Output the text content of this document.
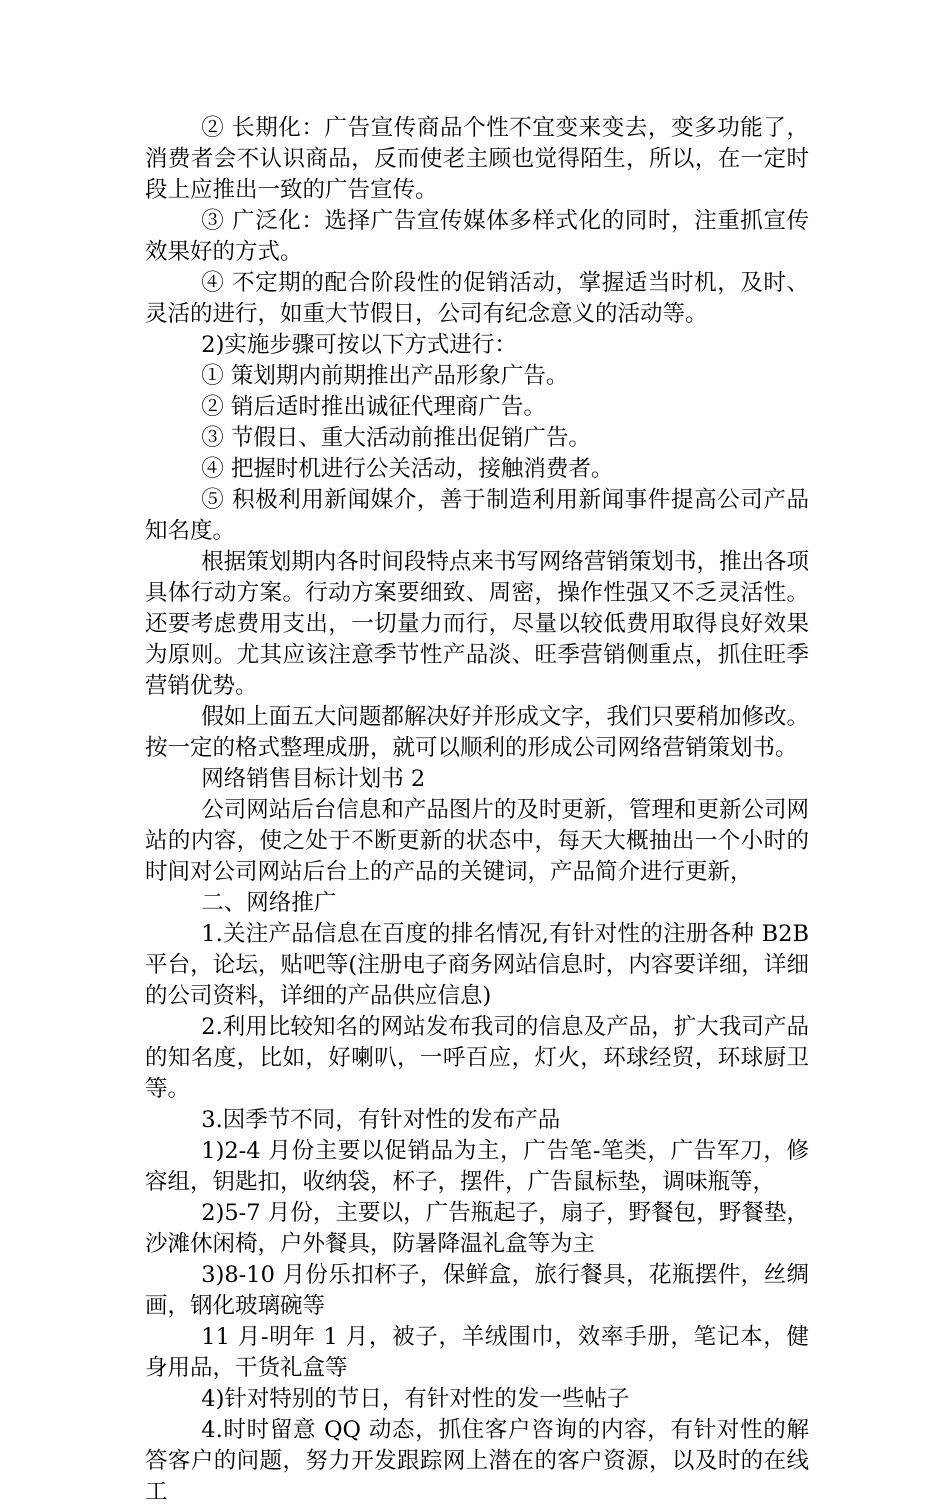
② 长期化：广告宣传商品个性不宜变来变去，变多功能了，消费者会不认识商品，反而使老主顾也觉得陌生，所以，在一定时段上应推出一致的广告宣传。

③ 广泛化：选择广告宣传媒体多样式化的同时，注重抓宣传效果好的方式。

④ 不定期的配合阶段性的促销活动，掌握适当时机，及时、灵活的进行，如重大节假日，公司有纪念意义的活动等。

2)实施步骤可按以下方式进行：

① 策划期内前期推出产品形象广告。

② 销后适时推出诚征代理商广告。

③ 节假日、重大活动前推出促销广告。

④ 把握时机进行公关活动，接触消费者。

⑤ 积极利用新闻媒介，善于制造利用新闻事件提高公司产品知名度。

根据策划期内各时间段特点来书写网络营销策划书，推出各项具体行动方案。行动方案要细致、周密，操作性强又不乏灵活性。还要考虑费用支出，一切量力而行，尽量以较低费用取得良好效果为原则。尤其应该注意季节性产品淡、旺季营销侧重点，抓住旺季营销优势。

假如上面五大问题都解决好并形成文字，我们只要稍加修改。按一定的格式整理成册，就可以顺利的形成公司网络营销策划书。

网络销售目标计划书 2

公司网站后台信息和产品图片的及时更新，管理和更新公司网站的内容，使之处于不断更新的状态中，每天大概抽出一个小时的时间对公司网站后台上的产品的关键词，产品简介进行更新，

二、网络推广

1.关注产品信息在百度的排名情况,有针对性的注册各种 B2B 平台，论坛，贴吧等(注册电子商务网站信息时，内容要详细，详细的公司资料，详细的产品供应信息)

2.利用比较知名的网站发布我司的信息及产品，扩大我司产品的知名度，比如，好喇叭，一呼百应，灯火，环球经贸，环球厨卫等。

3.因季节不同，有针对性的发布产品

1)2-4 月份主要以促销品为主，广告笔-笔类，广告军刀，修容组，钥匙扣，收纳袋，杯子，摆件，广告鼠标垫，调味瓶等，

2)5-7 月份，主要以，广告瓶起子，扇子，野餐包，野餐垫，沙滩休闲椅，户外餐具，防暑降温礼盒等为主

3)8-10 月份乐扣杯子，保鲜盒，旅行餐具，花瓶摆件，丝绸画，钢化玻璃碗等

11 月-明年 1 月，被子，羊绒围巾，效率手册，笔记本，健身用品，干货礼盒等

4)针对特别的节日，有针对性的发一些帖子

4.时时留意 QQ 动态，抓住客户咨询的内容，有针对性的解答客户的问题，努力开发跟踪网上潜在的客户资源，以及时的在线工
